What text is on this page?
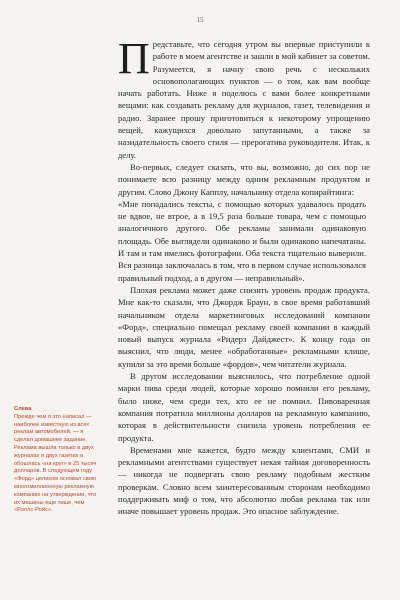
15

Представьте, что сегодня утром вы впервые приступили к работе в моем агентстве и зашли в мой кабинет за советом. Разумеется, я начну свою речь с нескольких основополагающих пунктов — о том, как вам вообще начать работать. Ниже я поделюсь с вами более конкретными вещами: как создавать рекламу для журналов, газет, телевидения и радио. Заранее прошу приготовиться к некоторому упрощению вещей, кажущихся довольно запутанными, а также за назидательность своего стиля — прерогатива руководителя. Итак, к делу.

Во-первых, следует сказать, что вы, возможно, до сих пор не понимаете всю разницу между одним рекламным продуктом и другим. Слово Джону Капплу, начальнику отдела копирайтинга:

«Мне попадались тексты, с помощью которых удавалось продать не вдвое, не втрое, а в 19,5 раза больше товара, чем с помощью аналогичного другого. Обе рекламы занимали одинаковую площадь. Обе выглядели одинаково и были одинаково напечатаны. И там и там имелись фотографии. Оба текста тщательно выверили. Вся разница заключалась в том, что в первом случае использовался правильный подход, а в другом — неправильный».

Плохая реклама может даже снизить уровень продаж продукта. Мне как-то сказали, что Джордж Браун, в свое время работавший начальником отдела маркетинговых исследований компании «Форд», специально помещал рекламу своей компании в каждый новый выпуск журнала «Ридерз Дайджест». К концу года он выяснил, что люди, менее «обработанные» рекламными клише, купили за это время больше «фордов», чем читатели журнала.

В другом исследовании выяснилось, что потребление одной марки пива среди людей, которые хорошо помнили его рекламу, было ниже, чем среди тех, кто ее не помнил. Пивоваренная компания потратила миллионы долларов на рекламную кампанию, которая в действительности снизила уровень потребления ее продукта.

Временами мне кажется, будто между клиентами, СМИ и рекламными агентствами существует некая тайная договоренность — никогда не подвергать свою рекламу подобным жестким проверкам. Словно всем заинтересованным сторонам необходимо поддерживать миф о том, что абсолютно любая реклама так или иначе повышает уровень продаж. Это опасное заблуждение.

Слева
Прежде чем я это написал — наиболее известную из всех реклам автомобилей, — я сделал домашнее задание. Реклама вышла только в двух журналах и двух газетах и обошлась «на круг» в 25 тысяч долларов. В следующем году «Форд» целиком основал свою многомиллионную рекламную компанию на утверждении, что их машины еще тише, чем «Роллс-Ройс».
